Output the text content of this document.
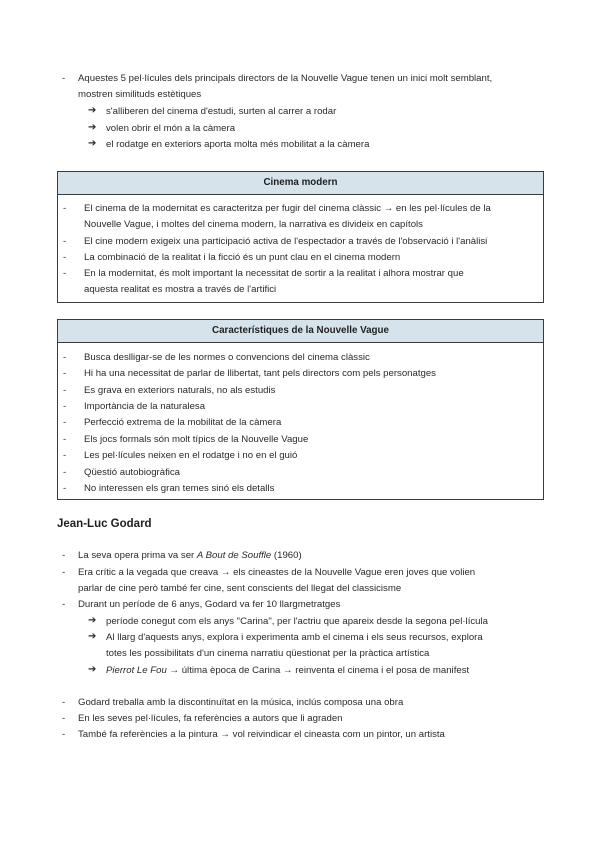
-	Aquestes 5 pel·lícules dels principals directors de la Nouvelle Vague tenen un inici molt semblant,
mostren similituds estètiques
➔ s'alliberen del cinema d'estudi, surten al carrer a rodar
➔ volen obrir el món a la càmera
➔ el rodatge en exteriors aporta molta més mobilitat a la càmera
Cinema modern
-	El cinema de la modernitat es caracteritza per fugir del cinema clàssic → en les pel·lícules de la
Nouvelle Vague, i moltes del cinema modern, la narrativa es divideix en capítols
-	El cine modern exigeix una participació activa de l'espectador a través de l'observació i l'anàlisi
-	La combinació de la realitat i la ficció és un punt clau en el cinema modern
-	En la modernitat, és molt important la necessitat de sortir a la realitat i alhora mostrar que
aquesta realitat es mostra a través de l'artifici
Característiques de la Nouvelle Vague
-	Busca deslligar-se de les normes o convencions del cinema clàssic
-	Hi ha una necessitat de parlar de llibertat, tant pels directors com pels personatges
-	Es grava en exteriors naturals, no als estudis
-	Importància de la naturalesa
-	Perfecció extrema de la mobilitat de la càmera
-	Els jocs formals són molt típics de la Nouvelle Vague
-	Les pel·lícules neixen en el rodatge i no en el guió
-	Qüestió autobiogràfica
-	No interessen els gran temes sinó els detalls
Jean-Luc Godard
-	La seva opera prima va ser A Bout de Souffle (1960)
-	Era crític a la vegada que creava → els cineastes de la Nouvelle Vague eren joves que volien
parlar de cine però també fer cine, sent conscients del llegat del classicisme
-	Durant un període de 6 anys, Godard va fer 10 llargmetratges
➔ període conegut com els anys "Carina", per l'actriu que apareix desde la segona pel·lícula
➔ Al llarg d'aquests anys, explora i experimenta amb el cinema i els seus recursos, explora
totes les possibilitats d'un cinema narratiu qüestionat per la pràctica artística
➔ Pierrot Le Fou → última època de Carina → reinventa el cinema i el posa de manifest
-	Godard treballa amb la discontinuïtat en la música, inclús composa una obra
-	En les seves pel·lícules, fa referències a autors que li agraden
-	També fa referències a la pintura → vol reivindicar el cineasta com un pintor, un artista
